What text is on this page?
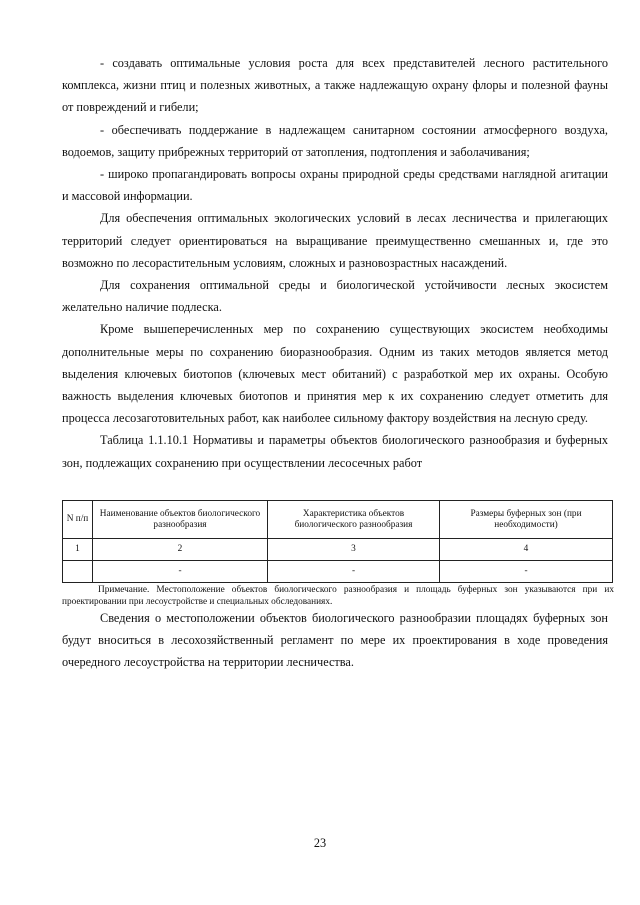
- создавать оптимальные условия роста для всех представителей лесного растительного комплекса, жизни птиц и полезных животных, а также надлежащую охрану флоры и полезной фауны от повреждений и гибели;

- обеспечивать поддержание в надлежащем санитарном состоянии атмосферного воздуха, водоемов, защиту прибрежных территорий от затопления, подтопления и заболачивания;

- широко пропагандировать вопросы охраны природной среды средствами наглядной агитации и массовой информации.

Для обеспечения оптимальных экологических условий в лесах лесничества и прилегающих территорий следует ориентироваться на выращивание преимущественно смешанных и, где это возможно по лесорастительным условиям, сложных и разновозрастных насаждений.

Для сохранения оптимальной среды и биологической устойчивости лесных экосистем желательно наличие подлеска.

Кроме вышеперечисленных мер по сохранению существующих экосистем необходимы дополнительные меры по сохранению биоразнообразия. Одним из таких методов является метод выделения ключевых биотопов (ключевых мест обитаний) с разработкой мер их охраны. Особую важность выделения ключевых биотопов и принятия мер к их сохранению следует отметить для процесса лесозаготовительных работ, как наиболее сильному фактору воздействия на лесную среду.

Таблица 1.1.10.1 Нормативы и параметры объектов биологического разнообразия и буферных зон, подлежащих сохранению при осуществлении лесосечных работ

N п/п	Наименование объектов биологического разнообразия	Характеристика объектов биологического разнообразия	Размеры буферных зон (при необходимости)
1	2	3	4
	-	-	-

Примечание. Местоположение объектов биологического разнообразия и площадь буферных зон указываются при их проектировании при лесоустройстве и специальных обследованиях.

Сведения о местоположении объектов биологического разнообразии площадях буферных зон будут вноситься в лесохозяйственный регламент по мере их проектирования в ходе проведения очередного лесоустройства на территории лесничества.

23
